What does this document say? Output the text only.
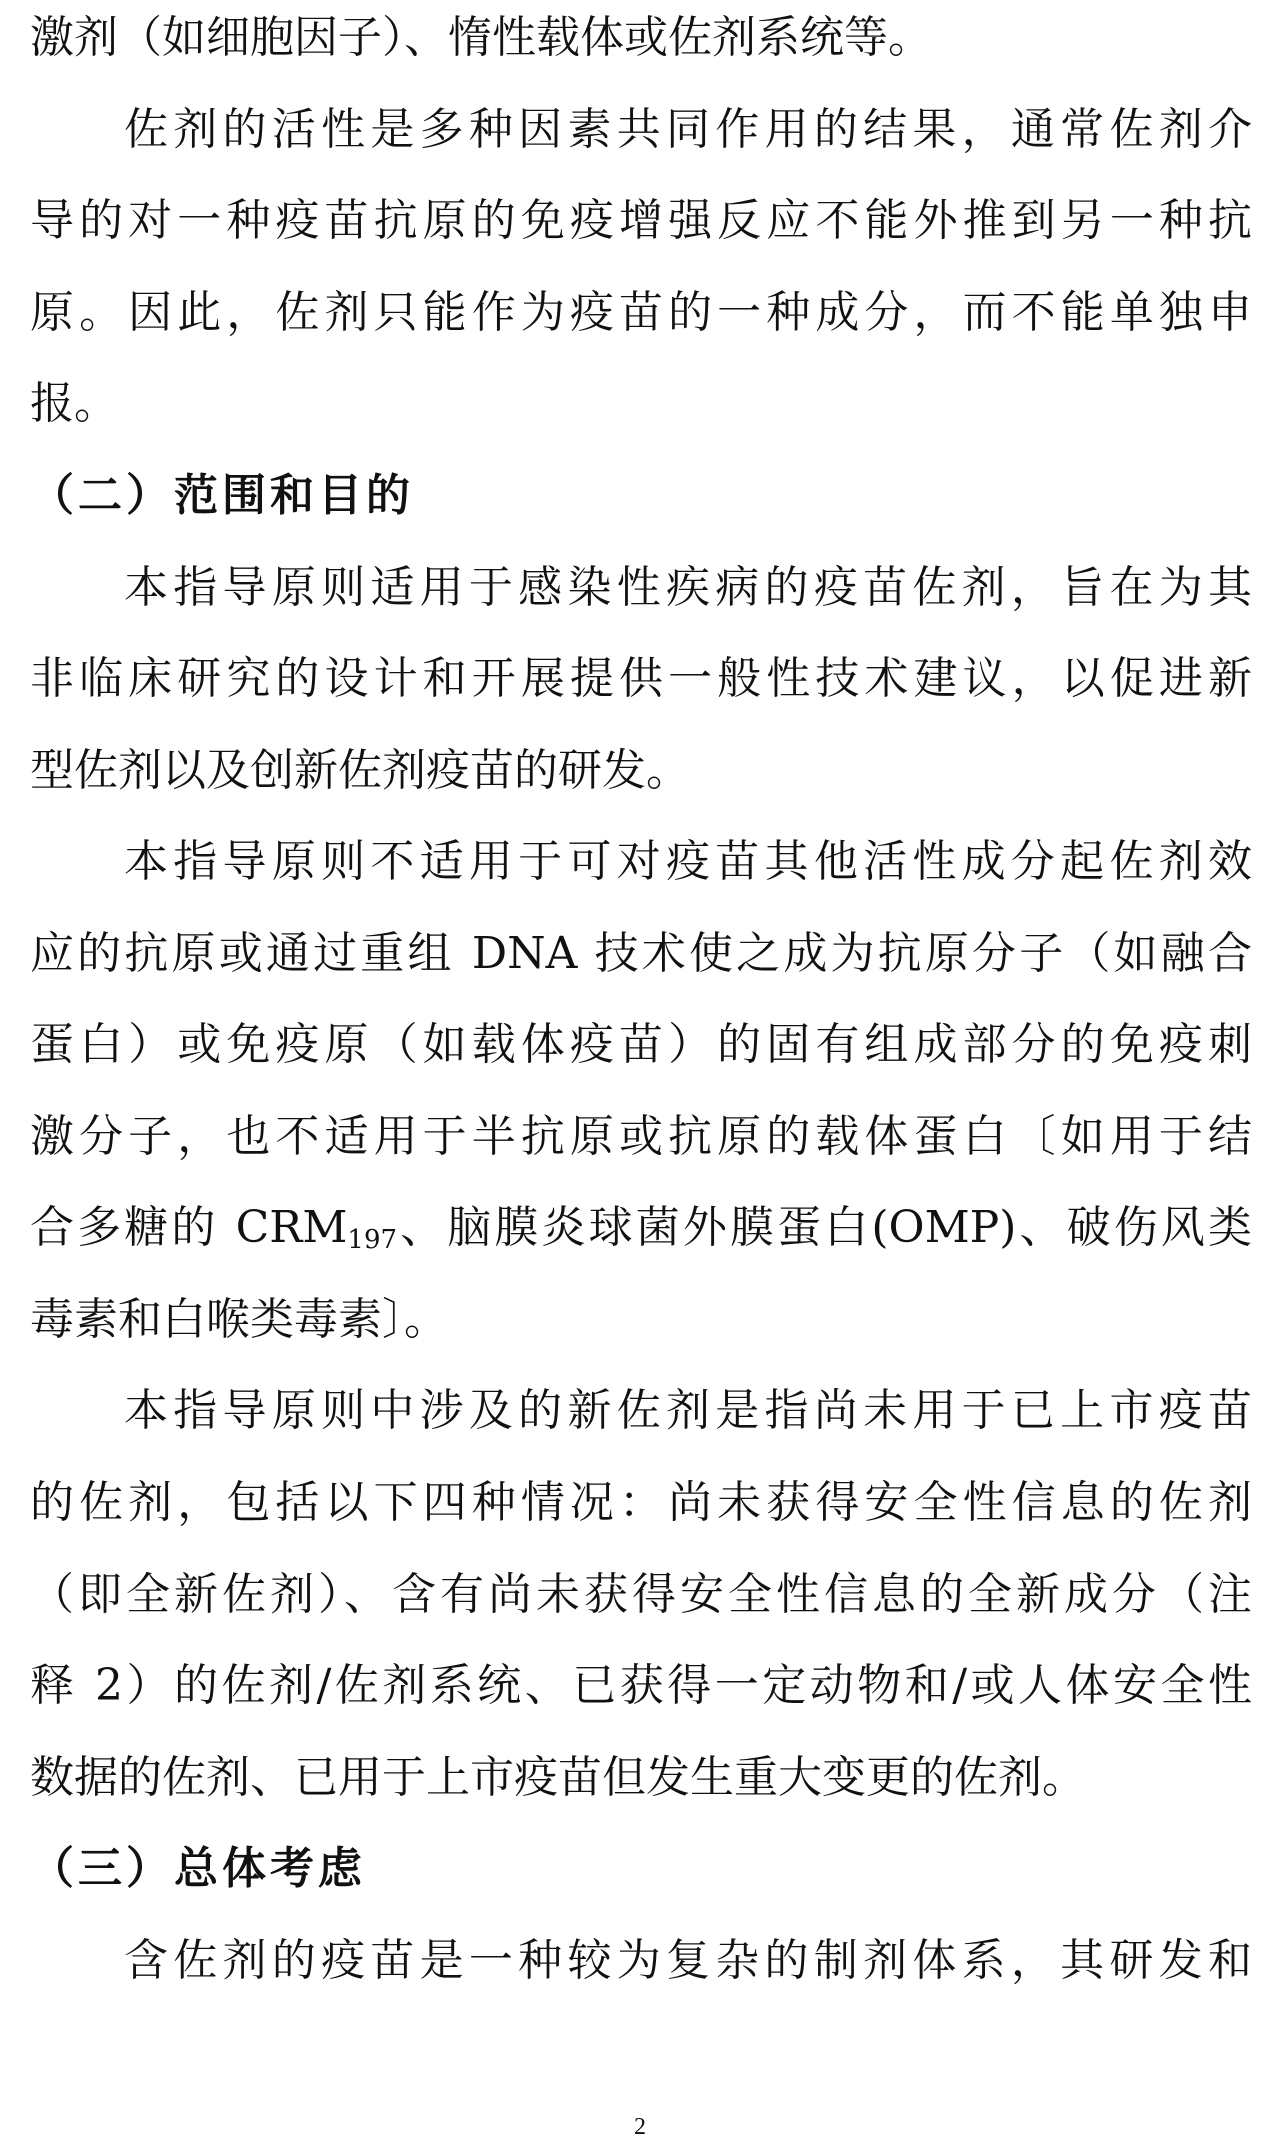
激剂（如细胞因子）、惰性载体或佐剂系统等。
佐剂的活性是多种因素共同作用的结果，通常佐剂介
导的对一种疫苗抗原的免疫增强反应不能外推到另一种抗
原。因此，佐剂只能作为疫苗的一种成分，而不能单独申
报。
（二）范围和目的
本指导原则适用于感染性疾病的疫苗佐剂，旨在为其
非临床研究的设计和开展提供一般性技术建议，以促进新
型佐剂以及创新佐剂疫苗的研发。
本指导原则不适用于可对疫苗其他活性成分起佐剂效
应的抗原或通过重组 DNA 技术使之成为抗原分子（如融合
蛋白）或免疫原（如载体疫苗）的固有组成部分的免疫刺
激分子，也不适用于半抗原或抗原的载体蛋白〔如用于结
合多糖的 $CRM_{197}$、脑膜炎球菌外膜蛋白(OMP)、破伤风类
毒素和白喉类毒素〕。
本指导原则中涉及的新佐剂是指尚未用于已上市疫苗
的佐剂，包括以下四种情况：尚未获得安全性信息的佐剂
（即全新佐剂）、含有尚未获得安全性信息的全新成分（注
释 2）的佐剂/佐剂系统、已获得一定动物和/或人体安全性
数据的佐剂、已用于上市疫苗但发生重大变更的佐剂。
（三）总体考虑
含佐剂的疫苗是一种较为复杂的制剂体系，其研发和
2
